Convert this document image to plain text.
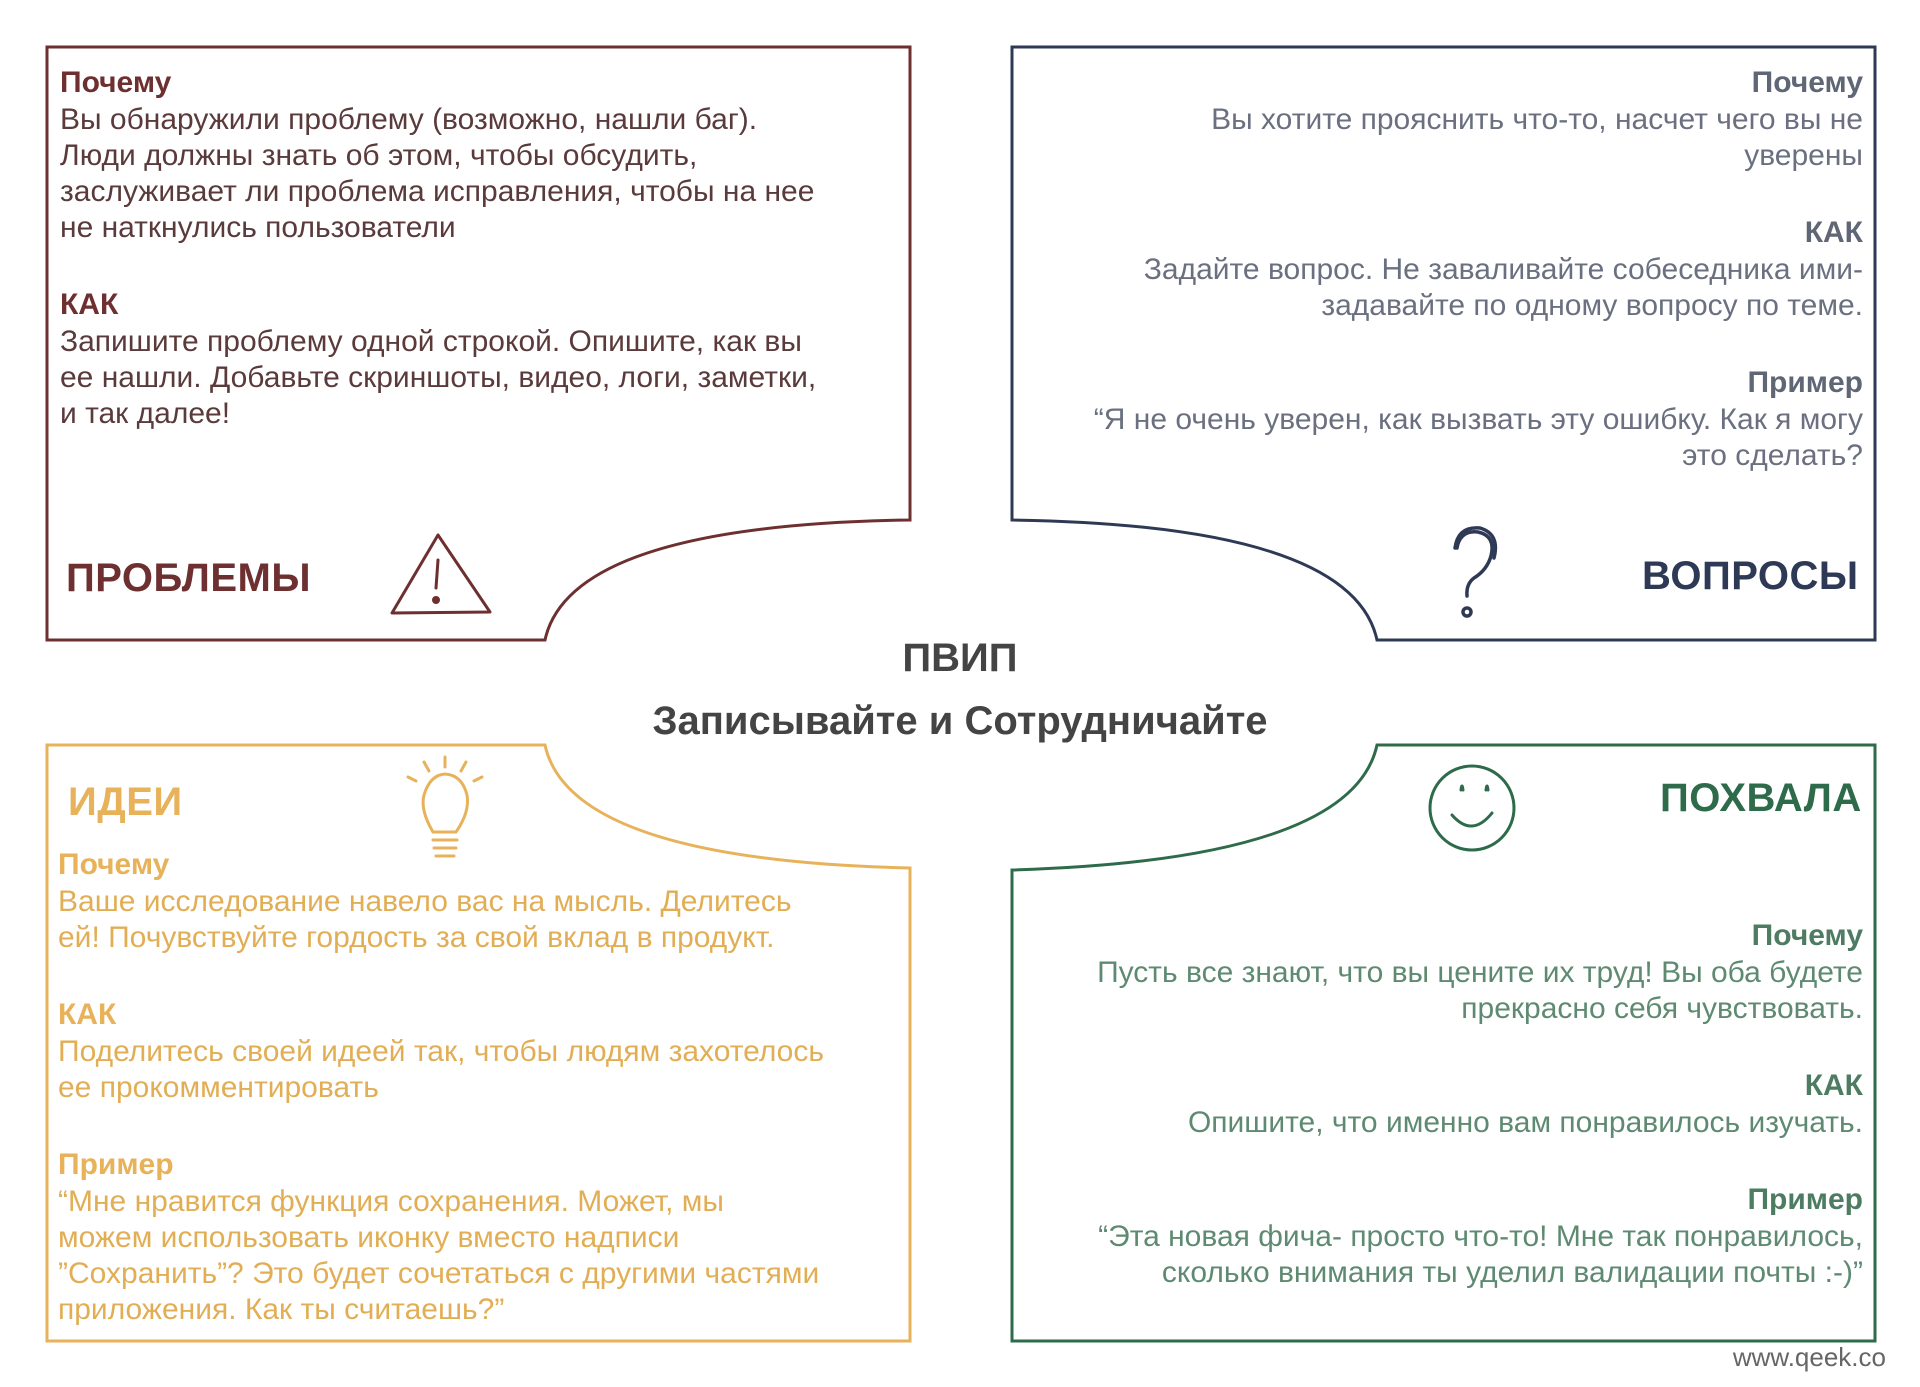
ПРОБЛЕМЫ	ВОПРОСЫ
ИДЕИ	ПОХВАЛА

Почему

Вы обнаружили проблему (возможно, нашли баг).

Люди должны знать об этом, чтобы обсудить,

заслуживает ли проблема исправления, чтобы на нее

не наткнулись пользователи

КАК

Запишите проблему одной строкой. Опишите, как вы

ее нашли. Добавьте скриншоты, видео, логи, заметки,

и так далее!

Почему

Вы хотите прояснить что-то, насчет чего вы не

уверены

КАК

Задайте вопрос. Не заваливайте собеседника ими-

задавайте по одному вопросу по теме.

Пример

“Я не очень уверен, как вызвать эту ошибку. Как я могу

это сделать?

Почему

Ваше исследование навело вас на мысль. Делитесь

ей! Почувствуйте гордость за свой вклад в продукт.

КАК

Поделитесь своей идеей так, чтобы людям захотелось

ее прокомментировать

Пример

“Мне нравится функция сохранения. Может, мы

можем использовать иконку вместо надписи

”Сохранить”? Это будет сочетаться с другими частями

приложения. Как ты считаешь?”

Почему

Пусть все знают, что вы цените их труд! Вы оба будете

прекрасно себя чувствовать.

КАК

Опишите, что именно вам понравилось изучать.

Пример

“Эта новая фича- просто что-то! Мне так понравилось,

сколько внимания ты уделил валидации почты :-)”

ПВИП
Записывайте и Сотрудничайте
www.qeek.co
